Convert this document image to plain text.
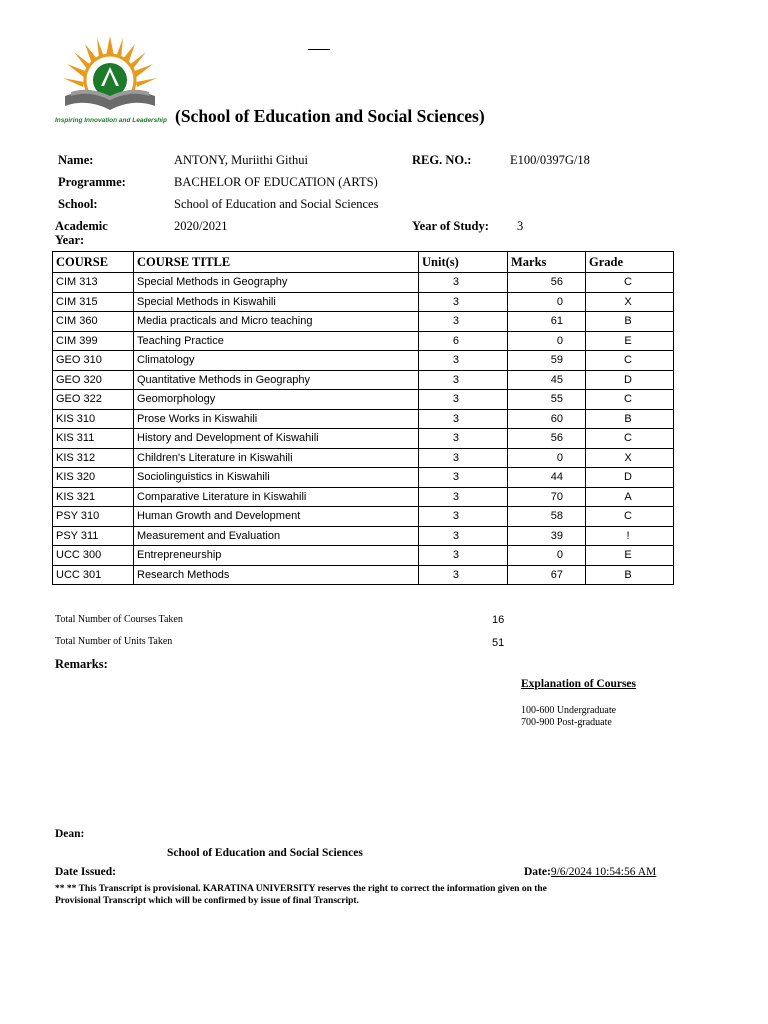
Inspiring Innovation and Leadership (School of Education and Social Sciences)
Name:	ANTONY, Muriithi Githui	REG. NO.:	E100/0397G/18
Programme:	BACHELOR OF EDUCATION (ARTS)
School:	School of Education and Social Sciences
Academic
Year:
2020/2021	Year of Study: 3
COURSE	COURSE TITLE	Unit(s)	Marks	Grade
CIM 313	Special Methods in Geography	3	56	C
CIM 315	Special Methods in Kiswahili	3	0	X
CIM 360	Media practicals and Micro teaching	3	61	B
CIM 399	Teaching Practice	6	0	E
GEO 310	Climatology	3	59	C
GEO 320	Quantitative Methods in Geography	3	45	D
GEO 322	Geomorphology	3	55	C
KIS 310	Prose Works in Kiswahili	3	60	B
KIS 311	History and Development of Kiswahili	3	56	C
KIS 312	Children's Literature in Kiswahili	3	0	X
KIS 320	Sociolinguistics in Kiswahili	3	44	D
KIS 321	Comparative Literature in Kiswahili	3	70	A
PSY 310	Human Growth and Development	3	58	C
PSY 311	Measurement and Evaluation	3	39	!
UCC 300	Entrepreneurship	3	0	E
UCC 301	Research Methods	3	67	B
Total Number of Courses Taken	16
Total Number of Units Taken	51
Remarks:
Explanation of Courses
100-600 Undergraduate
700-900 Post-graduate
Dean:
School of Education and Social Sciences
Date Issued:	Date:9/6/2024 10:54:56 AM
** ** This Transcript is provisional. KARATINA UNIVERSITY reserves the right to correct the information given on the
Provisional Transcript which will be confirmed by issue of final Transcript.
